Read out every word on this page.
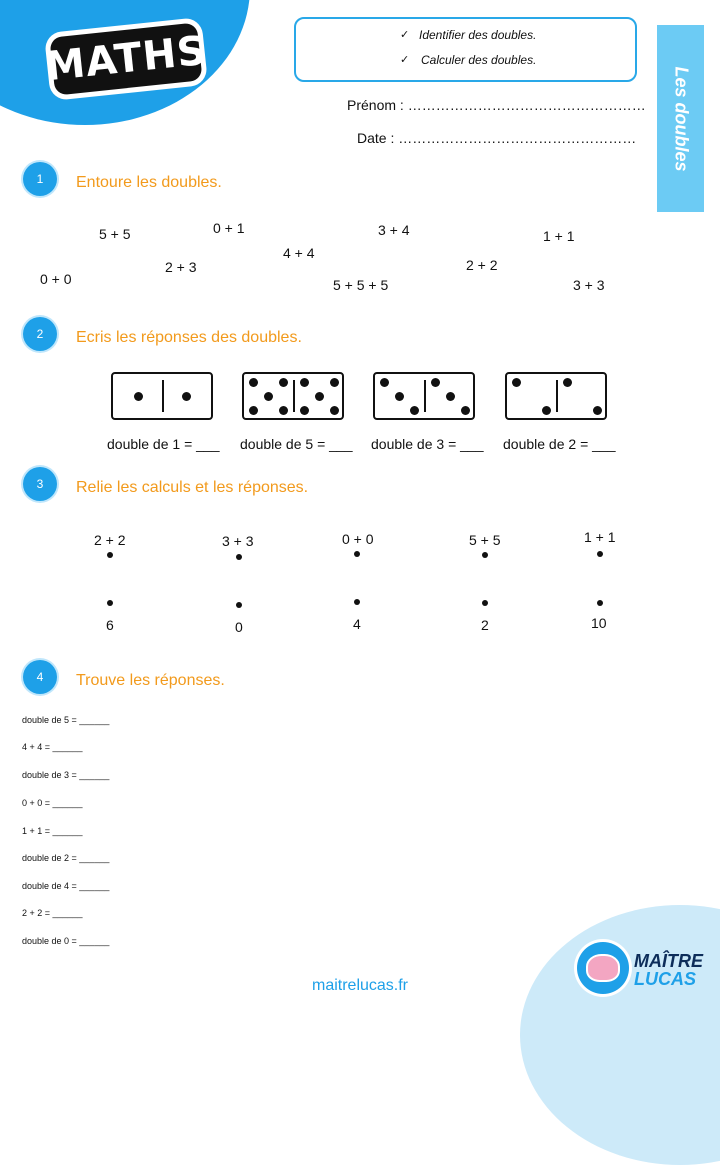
MATHS	✓ Identifier des doubles.
✓ Calculer des doubles.
Les doubles
Prénom : ……………………………………………
Date : ……………………………………………
1	Entoure les doubles.
5 + 5	0 + 1	3 + 4	1 + 1
4 + 4
2 + 3	2 + 2
0 + 0	5 + 5 + 5	3 + 3
2	Ecris les réponses des doubles.
double de 1 = ___ double de 5 = ___ double de 3 = ___ double de 2 = ___
3	Relie les calculs et les réponses.
2 + 2	3 + 3	0 + 0	5 + 5	1 + 1
6	0	4	2	10
4	Trouve les réponses.
double de 5 = ______
4 + 4 = ______
double de 3 = ______
0 + 0 = ______
1 + 1 = ______
double de 2 = ______
double de 4 = ______
2 + 2 = ______
double de 0 = ______
MAÎTRE
LUCAS
maitrelucas.fr
